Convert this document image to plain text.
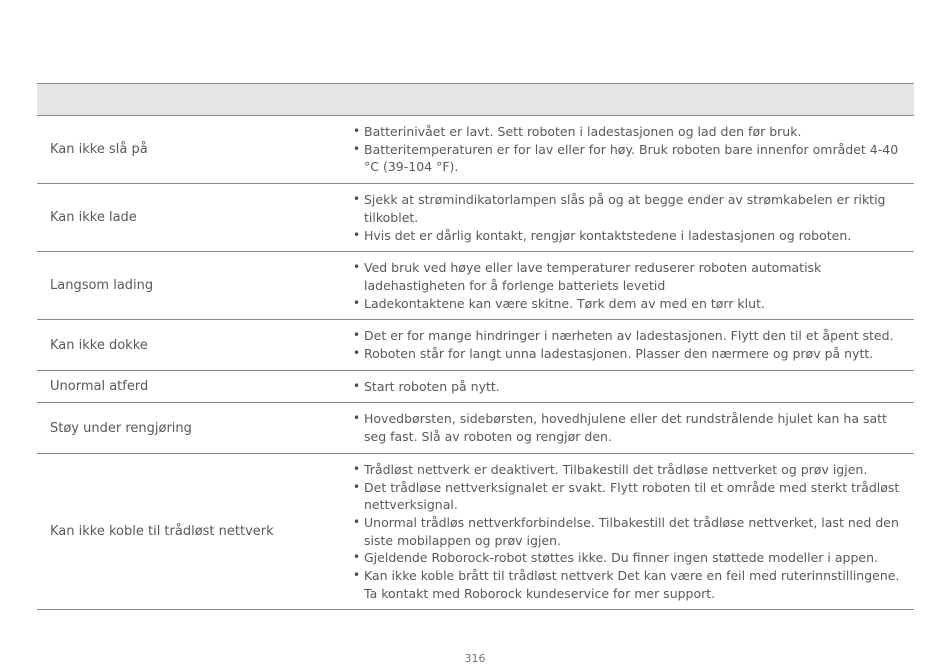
Kan ikke slå på
• Batterinivået er lavt. Sett roboten i ladestasjonen og lad den før bruk.
• Batteritemperaturen er for lav eller for høy. Bruk roboten bare innenfor området 4-40 °C (39-104 °F).
Kan ikke lade
• Sjekk at strømindikatorlampen slås på og at begge ender av strømkabelen er riktig tilkoblet.
• Hvis det er dårlig kontakt, rengjør kontaktstedene i ladestasjonen og roboten.
Langsom lading
• Ved bruk ved høye eller lave temperaturer reduserer roboten automatisk ladehastigheten for å forlenge batteriets levetid
• Ladekontaktene kan være skitne. Tørk dem av med en tørr klut.
Kan ikke dokke
• Det er for mange hindringer i nærheten av ladestasjonen. Flytt den til et åpent sted.
• Roboten står for langt unna ladestasjonen. Plasser den nærmere og prøv på nytt.
Unormal atferd	• Start roboten på nytt.
Støy under rengjøring
• Hovedbørsten, sidebørsten, hovedhjulene eller det rundstrålende hjulet kan ha satt seg fast. Slå av roboten og rengjør den.
Kan ikke koble til trådløst nettverk
• Trådløst nettverk er deaktivert. Tilbakestill det trådløse nettverket og prøv igjen.
• Det trådløse nettverksignalet er svakt. Flytt roboten til et område med sterkt trådløst nettverksignal.
• Unormal trådløs nettverkforbindelse. Tilbakestill det trådløse nettverket, last ned den siste mobilappen og prøv igjen.
• Gjeldende Roborock-robot støttes ikke. Du finner ingen støttede modeller i appen.
• Kan ikke koble brått til trådløst nettverk Det kan være en feil med ruterinnstillingene. Ta kontakt med Roborock kundeservice for mer support.
316
